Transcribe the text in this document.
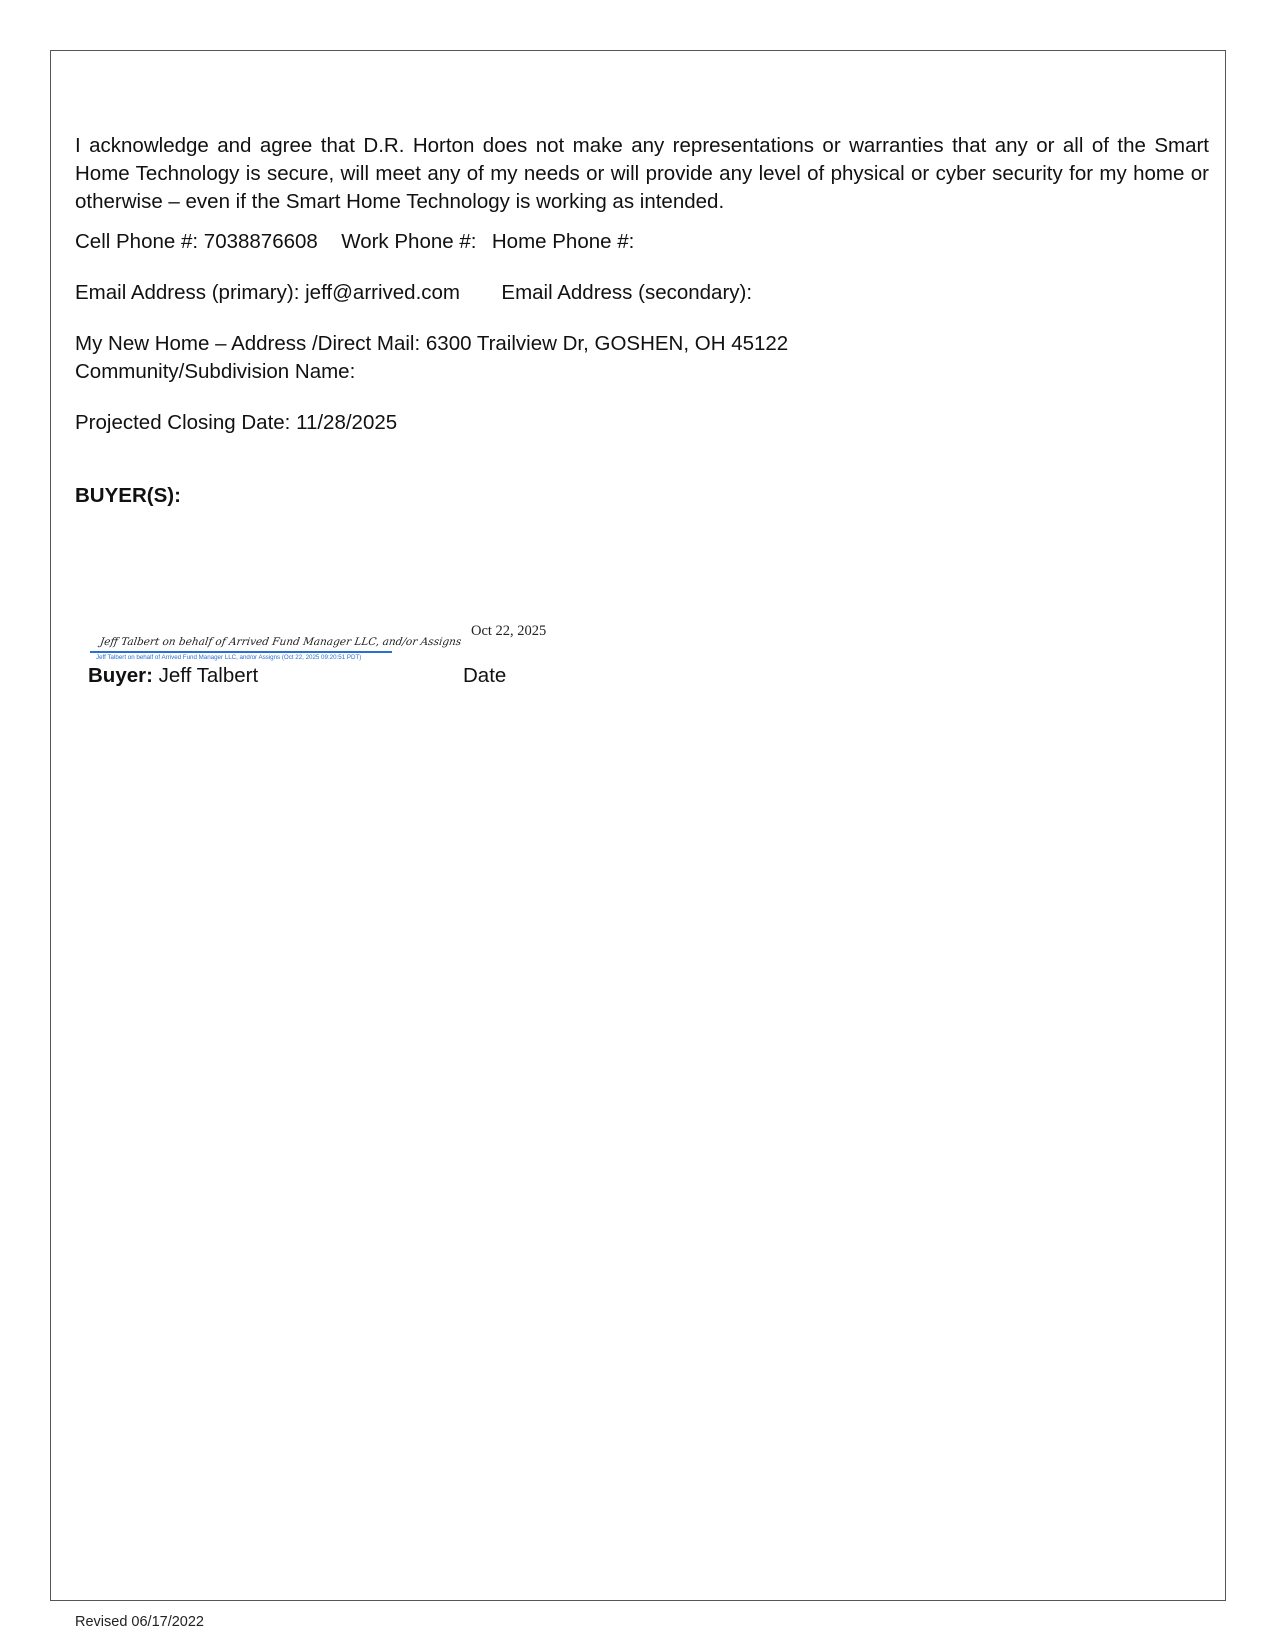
I acknowledge and agree that D.R. Horton does not make any representations or warranties that any or all of the Smart Home Technology is secure, will meet any of my needs or will provide any level of physical or cyber security for my home or otherwise – even if the Smart Home Technology is working as intended.
Cell Phone #: 7038876608 Work Phone #: Home Phone #:
Email Address (primary): jeff@arrived.com Email Address (secondary):
My New Home – Address /Direct Mail: 6300 Trailview Dr, GOSHEN, OH 45122
Community/Subdivision Name:
Projected Closing Date: 11/28/2025
BUYER(S):
Oct 22, 2025
Jeff Talbert on behalf of Arrived Fund Manager LLC, and/or Assigns
Jeff Talbert on behalf of Arrived Fund Manager LLC, and/or Assigns (Oct 22, 2025 09:20:51 PDT)
Buyer: Jeff Talbert	Date
Revised 06/17/2022
